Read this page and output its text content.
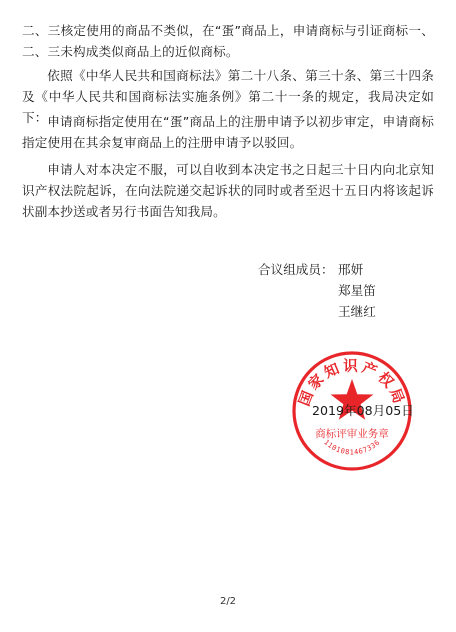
二、三核定使用的商品不类似，在“蛋”商品上，申请商标与引证商标一、二、三未构成类似商品上的近似商标。

依照《中华人民共和国商标法》第二十八条、第三十条、第三十四条及《中华人民共和国商标法实施条例》第二十一条的规定，我局决定如下： 申请商标指定使用在“蛋”商品上的注册申请予以初步审定，申请商标指定使用在其余复审商品上的注册申请予以驳回。

申请人对本决定不服，可以自收到本决定书之日起三十日内向北京知识产权法院起诉，在向法院递交起诉状的同时或者至迟十五日内将该起诉状副本抄送或者另行书面告知我局。

合议组成员： 邢妍
郑星笛
王继红
国家知识产权局
商标评审业务章
1101081467336
2019年08月05日
2/2
